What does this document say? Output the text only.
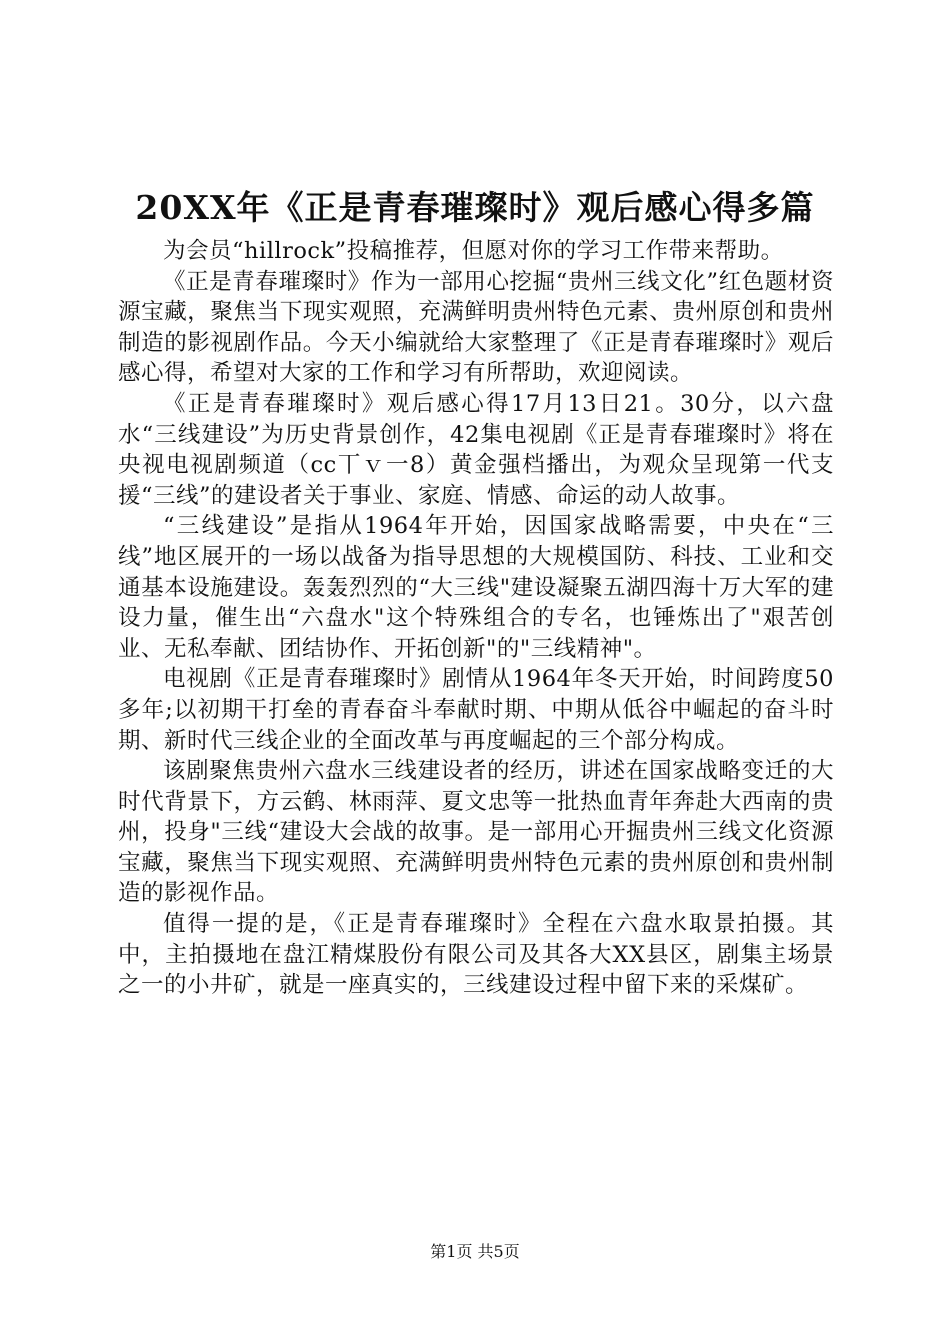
20XX年《正是青春璀璨时》观后感心得多篇

为会员“hillrock”投稿推荐，但愿对你的学习工作带来帮助。

《正是青春璀璨时》作为一部用心挖掘“贵州三线文化”红色题材资源宝藏，聚焦当下现实观照，充满鲜明贵州特色元素、贵州原创和贵州制造的影视剧作品。今天小编就给大家整理了《正是青春璀璨时》观后感心得，希望对大家的工作和学习有所帮助，欢迎阅读。

《正是青春璀璨时》观后感心得17月13日21。30分，以六盘水“三线建设”为历史背景创作，42集电视剧《正是青春璀璨时》将在央视电视剧频道（cc丅ｖ一8）黄金强档播出，为观众呈现第一代支援“三线”的建设者关于事业、家庭、情感、命运的动人故事。

“三线建设”是指从1964年开始，因国家战略需要，中央在“三线”地区展开的一场以战备为指导思想的大规模国防、科技、工业和交通基本设施建设。轰轰烈烈的“大三线"建设凝聚五湖四海十万大军的建设力量，催生出“六盘水"这个特殊组合的专名，也锤炼出了"艰苦创业、无私奉献、团结协作、开拓创新"的"三线精神"。

电视剧《正是青春璀璨时》剧情从1964年冬天开始，时间跨度50多年;以初期干打垒的青春奋斗奉献时期、中期从低谷中崛起的奋斗时期、新时代三线企业的全面改革与再度崛起的三个部分构成。

该剧聚焦贵州六盘水三线建设者的经历，讲述在国家战略变迁的大时代背景下，方云鹤、林雨萍、夏文忠等一批热血青年奔赴大西南的贵州，投身"三线“建设大会战的故事。是一部用心开掘贵州三线文化资源宝藏，聚焦当下现实观照、充满鲜明贵州特色元素的贵州原创和贵州制造的影视作品。

值得一提的是，《正是青春璀璨时》全程在六盘水取景拍摄。其中，主拍摄地在盘江精煤股份有限公司及其各大XX县区，剧集主场景之一的小井矿，就是一座真实的，三线建设过程中留下来的采煤矿。

第1页 共5页
